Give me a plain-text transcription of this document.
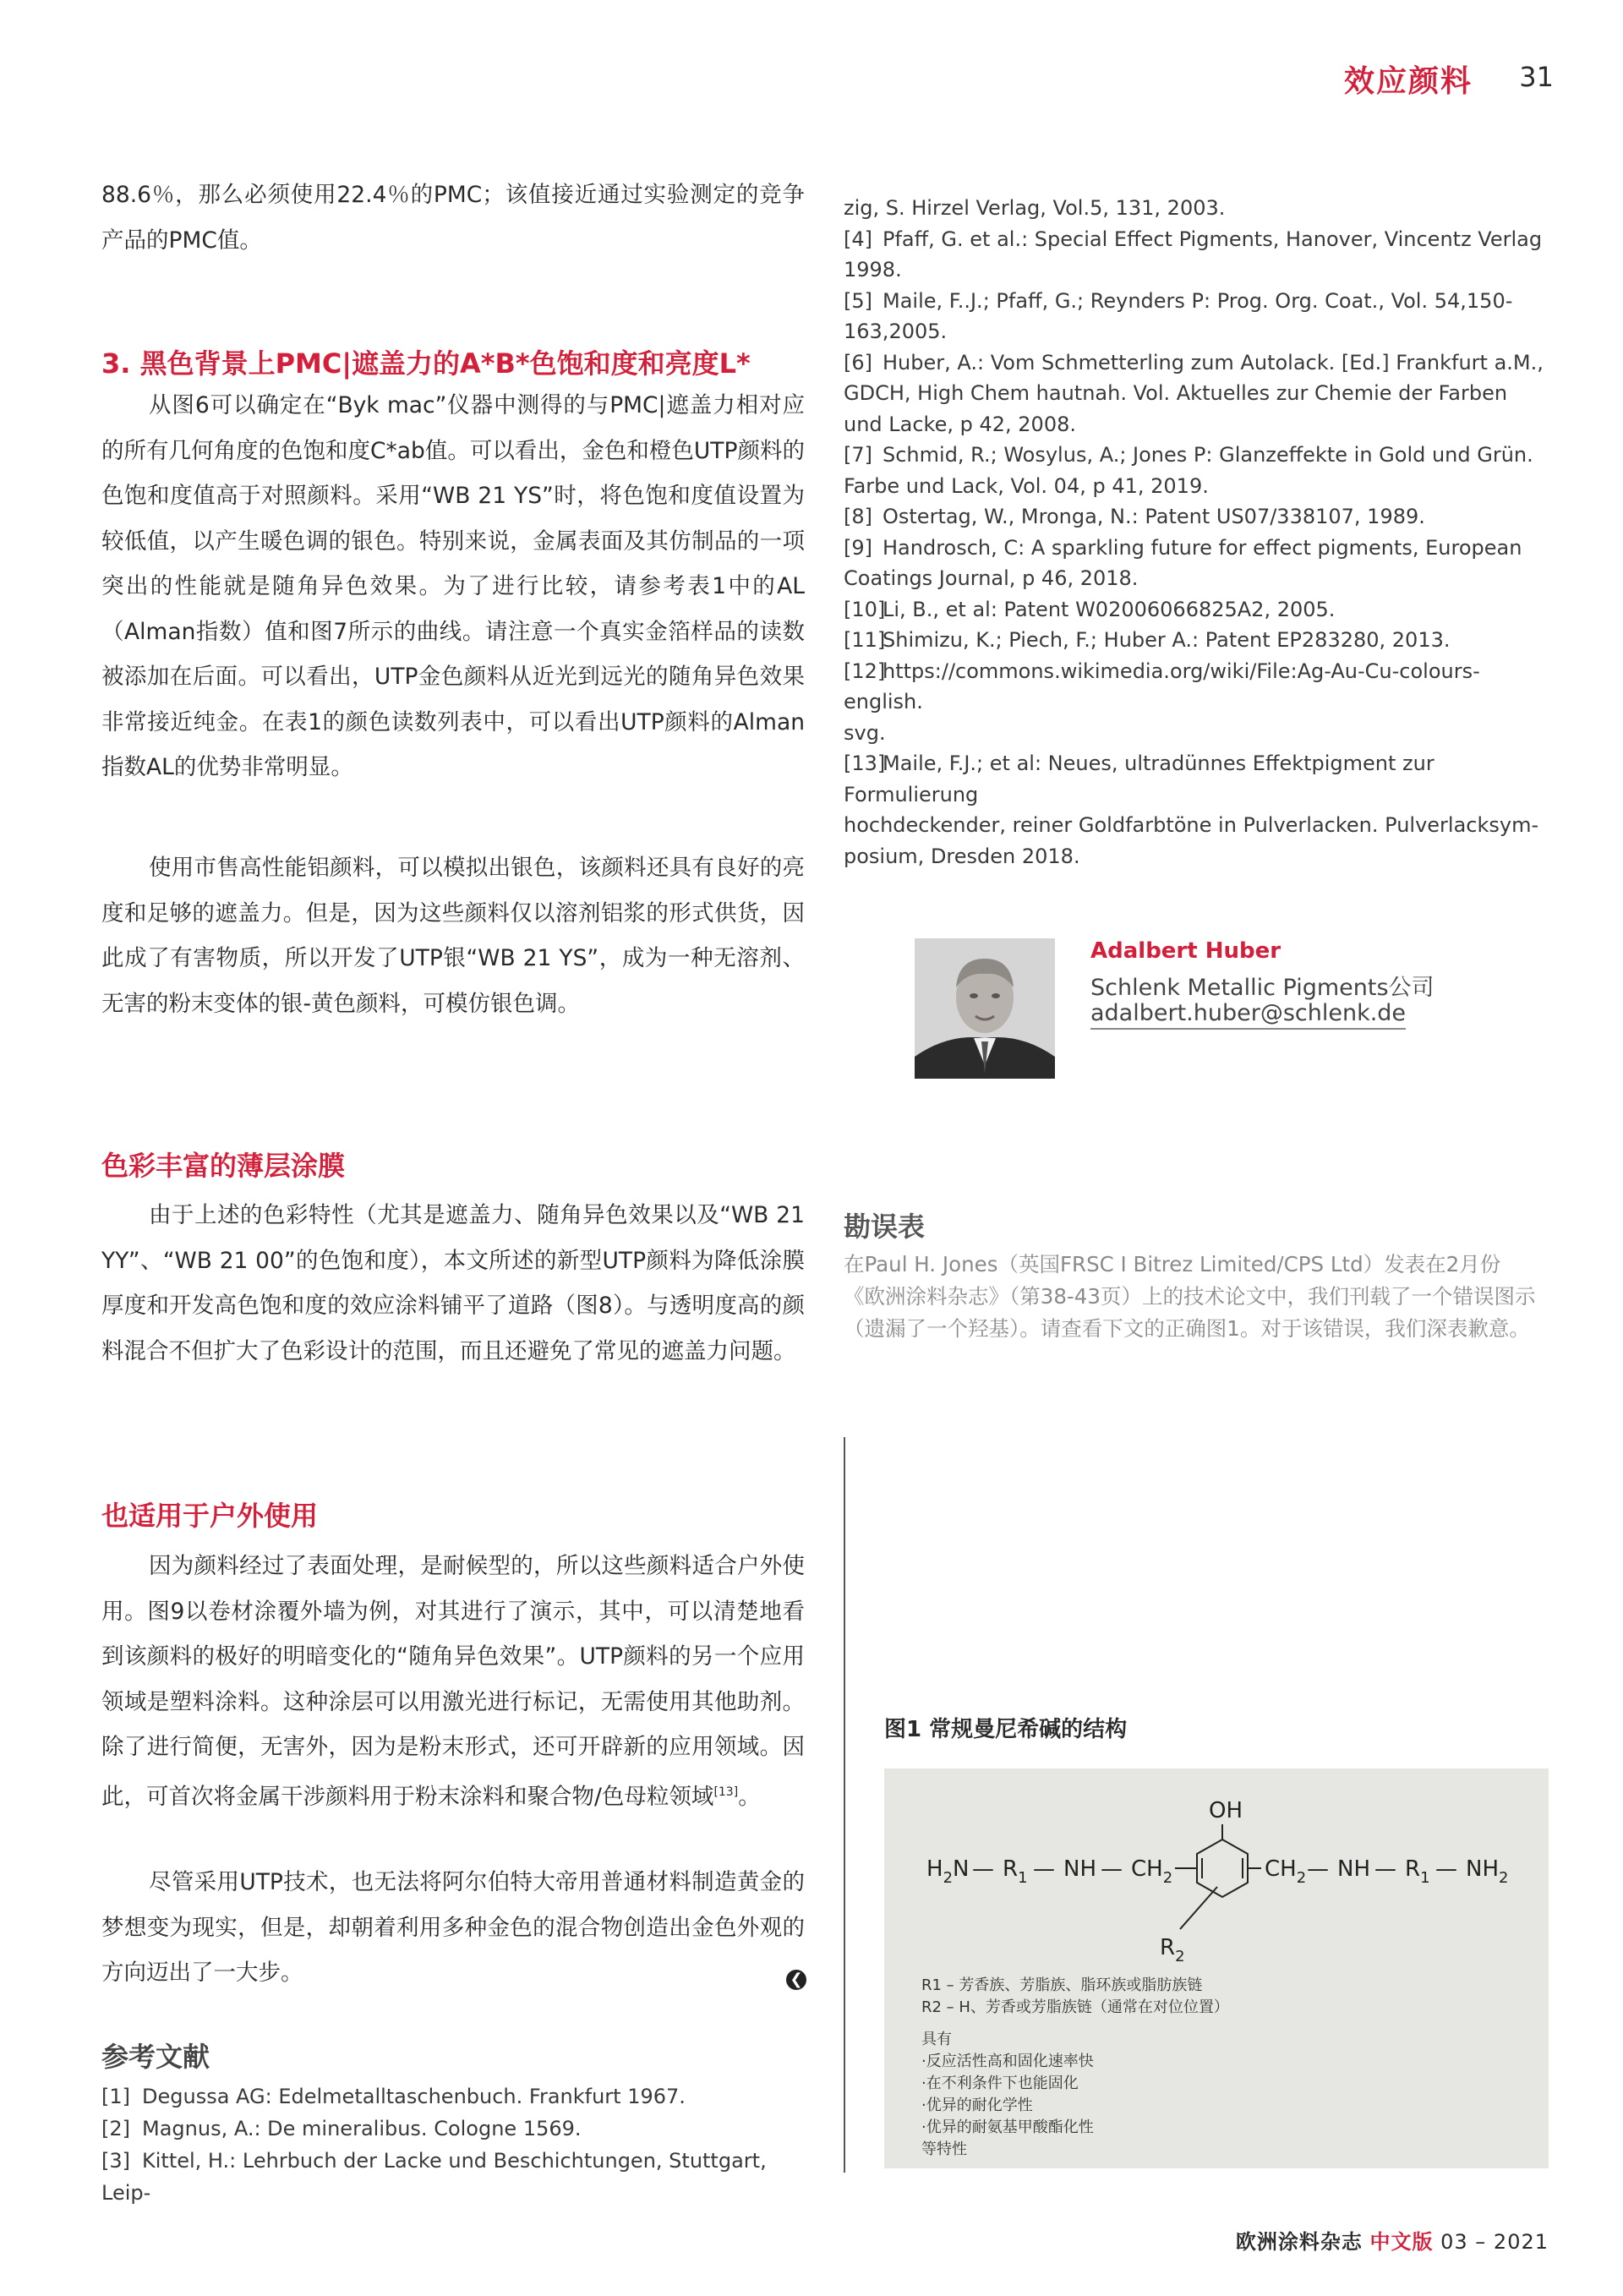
效应颜料 31

88.6％，那么必须使用22.4％的PMC；该值接近通过实验测定的竞争产品的PMC值。

3. 黑色背景上PMC|遮盖力的A*B*色饱和度和亮度L*

从图6可以确定在“Byk mac”仪器中测得的与PMC|遮盖力相对应的所有几何角度的色饱和度C*ab值。可以看出，金色和橙色UTP颜料的色饱和度值高于对照颜料。采用“WB 21 YS”时，将色饱和度值设置为较低值，以产生暖色调的银色。特别来说，金属表面及其仿制品的一项突出的性能就是随角异色效果。为了进行比较，请参考表1中的AL（Alman指数）值和图7所示的曲线。请注意一个真实金箔样品的读数被添加在后面。可以看出，UTP金色颜料从近光到远光的随角异色效果非常接近纯金。在表1的颜色读数列表中，可以看出UTP颜料的Alman指数AL的优势非常明显。

使用市售高性能铝颜料，可以模拟出银色，该颜料还具有良好的亮度和足够的遮盖力。但是，因为这些颜料仅以溶剂铝浆的形式供货，因此成了有害物质，所以开发了UTP银“WB 21 YS”，成为一种无溶剂、无害的粉末变体的银-黄色颜料，可模仿银色调。

色彩丰富的薄层涂膜

由于上述的色彩特性（尤其是遮盖力、随角异色效果以及“WB 21 YY”、“WB 21 00”的色饱和度），本文所述的新型UTP颜料为降低涂膜厚度和开发高色饱和度的效应涂料铺平了道路（图8）。与透明度高的颜料混合不但扩大了色彩设计的范围，而且还避免了常见的遮盖力问题。

也适用于户外使用

因为颜料经过了表面处理，是耐候型的，所以这些颜料适合户外使用。图9以卷材涂覆外墙为例，对其进行了演示，其中，可以清楚地看到该颜料的极好的明暗变化的“随角异色效果”。UTP颜料的另一个应用领域是塑料涂料。这种涂层可以用激光进行标记，无需使用其他助剂。除了进行简便，无害外，因为是粉末形式，还可开辟新的应用领域。因此，可首次将金属干涉颜料用于粉末涂料和聚合物/色母粒领域[13]。

尽管采用UTP技术，也无法将阿尔伯特大帝用普通材料制造黄金的梦想变为现实，但是，却朝着利用多种金色的混合物创造出金色外观的方向迈出了一大步。	❮
参考文献
[1] Degussa AG: Edelmetalltaschenbuch. Frankfurt 1967.
[2] Magnus, A.: De mineralibus. Cologne 1569.
[3] Kittel, H.: Lehrbuch der Lacke und Beschichtungen, Stuttgart, Leip-
zig, S. Hirzel Verlag, Vol.5, 131, 2003.
[4] Pfaff, G. et al.: Special Effect Pigments, Hanover, Vincentz Verlag
1998.
[5] Maile, F..J.; Pfaff, G.; Reynders P: Prog. Org. Coat., Vol. 54,150-
163,2005.
[6] Huber, A.: Vom Schmetterling zum Autolack. [Ed.] Frankfurt a.M.,
GDCH, High Chem hautnah. Vol. Aktuelles zur Chemie der Farben
und Lacke, p 42, 2008.
[7] Schmid, R.; Wosylus, A.; Jones P: Glanzeffekte in Gold und Grün.
Farbe und Lack, Vol. 04, p 41, 2019.
[8] Ostertag, W., Mronga, N.: Patent US07/338107, 1989.
[9] Handrosch, C: A sparkling future for effect pigments, European
Coatings Journal, p 46, 2018.
[10]Li, B., et al: Patent W02006066825A2, 2005.
[11]Shimizu, K.; Piech, F.; Huber A.: Patent EP283280, 2013.
[12]https://commons.wikimedia.org/wiki/File:Ag-Au-Cu-colours-english.
svg.
[13]Maile, F.J.; et al: Neues, ultradünnes Effektpigment zur Formulierung
hochdeckender, reiner Goldfarbtöne in Pulverlacken. Pulverlacksym-
posium, Dresden 2018.
Adalbert Huber
Schlenk Metallic Pigments公司
adalbert.huber@schlenk.de
勘误表
在Paul H. Jones（英国FRSC I Bitrez Limited/CPS Ltd）发表在2月份《欧洲涂料杂志》（第38-43页）上的技术论文中，我们刊载了一个错误图示（遗漏了一个羟基）。请查看下文的正确图1。对于该错误，我们深表歉意。
图1 常规曼尼希碱的结构
OH
$R_2$
$H_2N$ — $R_1$ — NH — $CH_2$	$CH_2$ — NH — $R_1$ — $NH_2$
R1 – 芳香族、芳脂族、脂环族或脂肪族链
R2 – H、芳香或芳脂族链（通常在对位位置）
具有
·反应活性高和固化速率快
·在不利条件下也能固化
·优异的耐化学性
·优异的耐氨基甲酸酯化性
等特性
欧洲涂料杂志 中文版 03 – 2021
